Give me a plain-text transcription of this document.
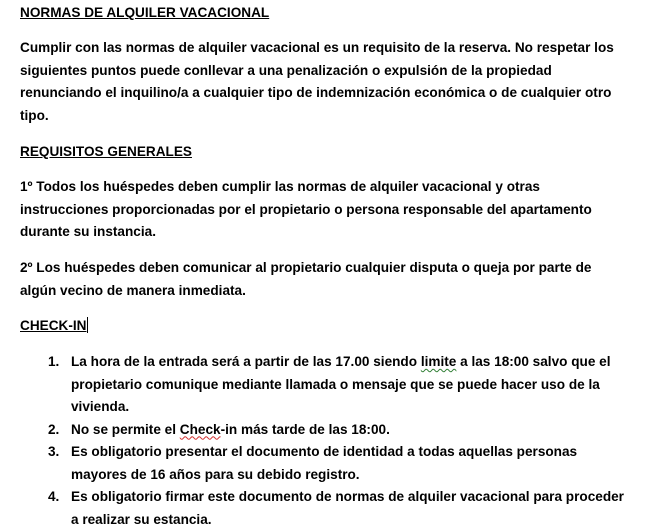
NORMAS DE ALQUILER VACACIONAL
Cumplir con las normas de alquiler vacacional es un requisito de la reserva. No respetar los siguientes puntos puede conllevar a una penalización o expulsión de la propiedad renunciando el inquilino/a a cualquier tipo de indemnización económica o de cualquier otro tipo.
REQUISITOS GENERALES
1º Todos los huéspedes deben cumplir las normas de alquiler vacacional y otras instrucciones proporcionadas por el propietario o persona responsable del apartamento durante su instancia.
2º Los huéspedes deben comunicar al propietario cualquier disputa o queja por parte de algún vecino de manera inmediata.
CHECK-IN
1. La hora de la entrada será a partir de las 17.00 siendo limite a las 18:00 salvo que el propietario comunique mediante llamada o mensaje que se puede hacer uso de la vivienda.
2. No se permite el Check-in más tarde de las 18:00.
3. Es obligatorio presentar el documento de identidad a todas aquellas personas mayores de 16 años para su debido registro.
4. Es obligatorio firmar este documento de normas de alquiler vacacional para proceder a realizar su estancia.
